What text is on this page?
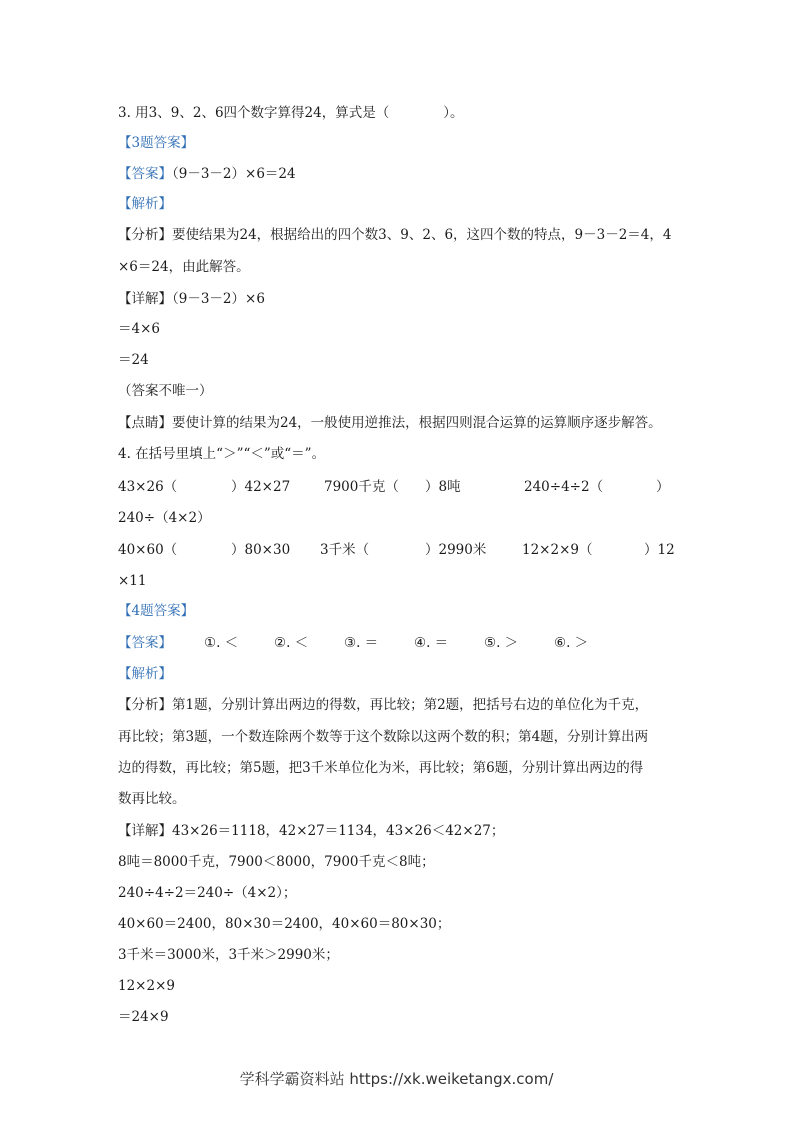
3. 用3、9、2、6四个数字算得24，算式是（　　　　）。
【3题答案】
【答案】（9－3－2）×6＝24
【解析】
【分析】要使结果为24，根据给出的四个数3、9、2、6，这四个数的特点，9－3－2＝4，4
×6＝24，由此解答。
【详解】（9－3－2）×6
＝4×6
＝24
（答案不唯一）
【点睛】要使计算的结果为24，一般使用逆推法，根据四则混合运算的运算顺序逐步解答。
4. 在括号里填上“＞”“＜”或“＝”。

43×26（

	）42×27

	7900千克（

）8吨

	240÷4÷2（

	）

240÷（4×2）

40×60（

	）80×30

3千米（

	）2990米

	12×2×9（

	）12

×11
【4题答案】

【答案】

①. ＜

	②. ＜

	③. ＝

	④. ＝

	⑤. ＞

	⑥. ＞

【解析】
【分析】第1题，分别计算出两边的得数，再比较；第2题，把括号右边的单位化为千克，
再比较；第3题，一个数连除两个数等于这个数除以这两个数的积；第4题，分别计算出两
边的得数，再比较；第5题，把3千米单位化为米，再比较；第6题，分别计算出两边的得
数再比较。
【详解】43×26＝1118，42×27＝1134，43×26＜42×27；
8吨＝8000千克，7900＜8000，7900千克＜8吨；
240÷4÷2＝240÷（4×2）；
40×60＝2400，80×30＝2400，40×60＝80×30；
3千米＝3000米，3千米＞2990米；
12×2×9
＝24×9
学科学霸资料站 https://xk.weiketangx.com/
